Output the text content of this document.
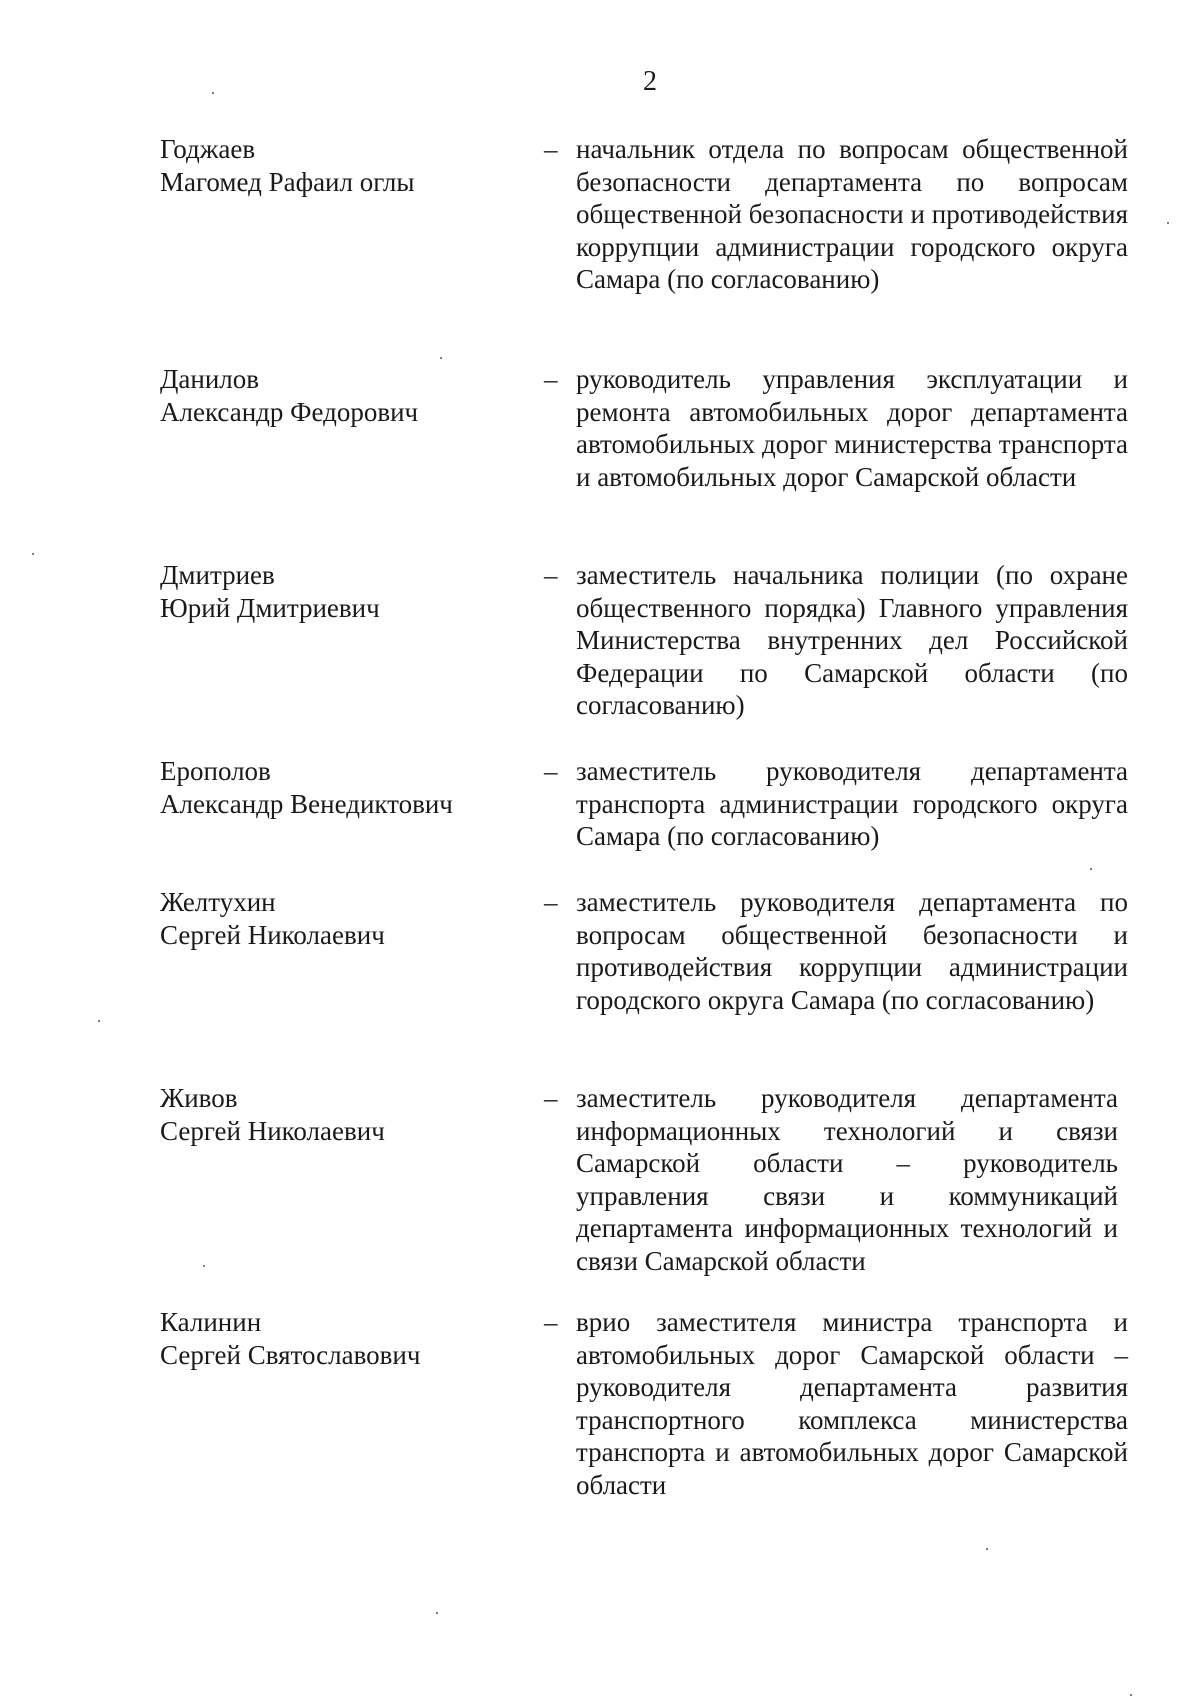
2
Годжаев
Магомед Рафаил оглы
– начальник отдела по вопросам общественной безопасности департамента по вопросам общественной безопасности и противодействия коррупции администрации городского округа Самара (по согласованию)
Данилов
Александр Федорович
– руководитель управления эксплуатации и ремонта автомобильных дорог департамента автомобильных дорог министерства транспорта и автомобильных дорог Самарской области
Дмитриев
Юрий Дмитриевич
– заместитель начальника полиции (по охране общественного порядка) Главного управления Министерства внутренних дел Российской Федерации по Самарской области (по согласованию)
Ерополов
Александр Венедиктович
– заместитель руководителя департамента транспорта администрации городского округа Самара (по согласованию)
Желтухин
Сергей Николаевич
– заместитель руководителя департамента по вопросам общественной безопасности и противодействия коррупции администрации городского округа Самара (по согласованию)
Живов
Сергей Николаевич
– заместитель руководителя департамента информационных технологий и связи Самарской области – руководитель управления связи и коммуникаций департамента информационных технологий и связи Самарской области
Калинин
Сергей Святославович
– врио заместителя министра транспорта и автомобильных дорог Самарской области – руководителя департамента развития транспортного комплекса министерства транспорта и автомобильных дорог Самарской области
